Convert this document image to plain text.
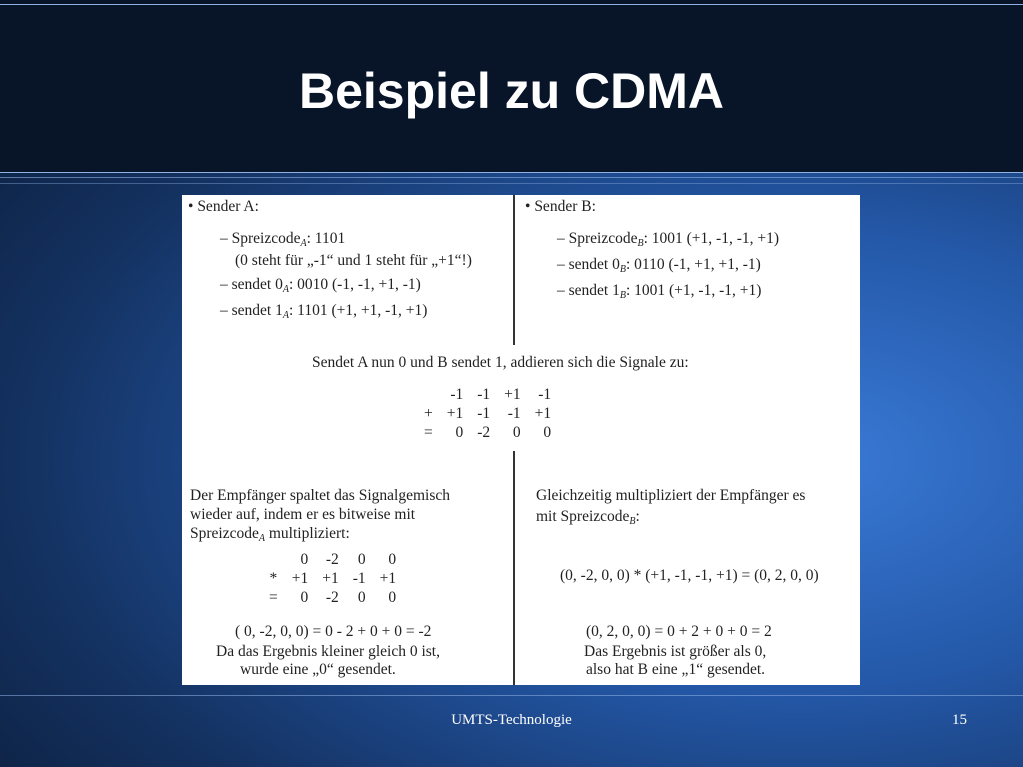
Beispiel zu CDMA
• Sender A:
– Spreizcode$_A$: 1101
(0 steht für „-1“ und 1 steht für „+1“!)
– sendet $0_A$: 0010 (-1, -1, +1, -1)
– sendet $1_A$: 1101 (+1, +1, -1, +1)
• Sender B:
– Spreizcode$_B$: 1001 (+1, -1, -1, +1)
– sendet $0_B$: 0110 (-1, +1, +1, -1)
– sendet $1_B$: 1001 (+1, -1, -1, +1)
Sendet A nun 0 und B sendet 1, addieren sich die Signale zu:
	-1	-1	+1	-1
+	+1	-1	-1	+1
=	0	-2	0	0
Der Empfänger spaltet das Signalgemisch
wieder auf, indem er es bitweise mit
Spreizcode$_A$ multipliziert:
	0	-2	0	0
*	+1	+1	-1	+1
=	0	-2	0	0
( 0, -2, 0, 0) = 0 - 2 + 0 + 0 = -2
Da das Ergebnis kleiner gleich 0 ist,
wurde eine „0“ gesendet.
Gleichzeitig multipliziert der Empfänger es
mit Spreizcode$_B$:
(0, -2, 0, 0) * (+1, -1, -1, +1) = (0, 2, 0, 0)
(0, 2, 0, 0) = 0 + 2 + 0 + 0 = 2
Das Ergebnis ist größer als 0,
also hat B eine „1“ gesendet.
UMTS-Technologie	15
